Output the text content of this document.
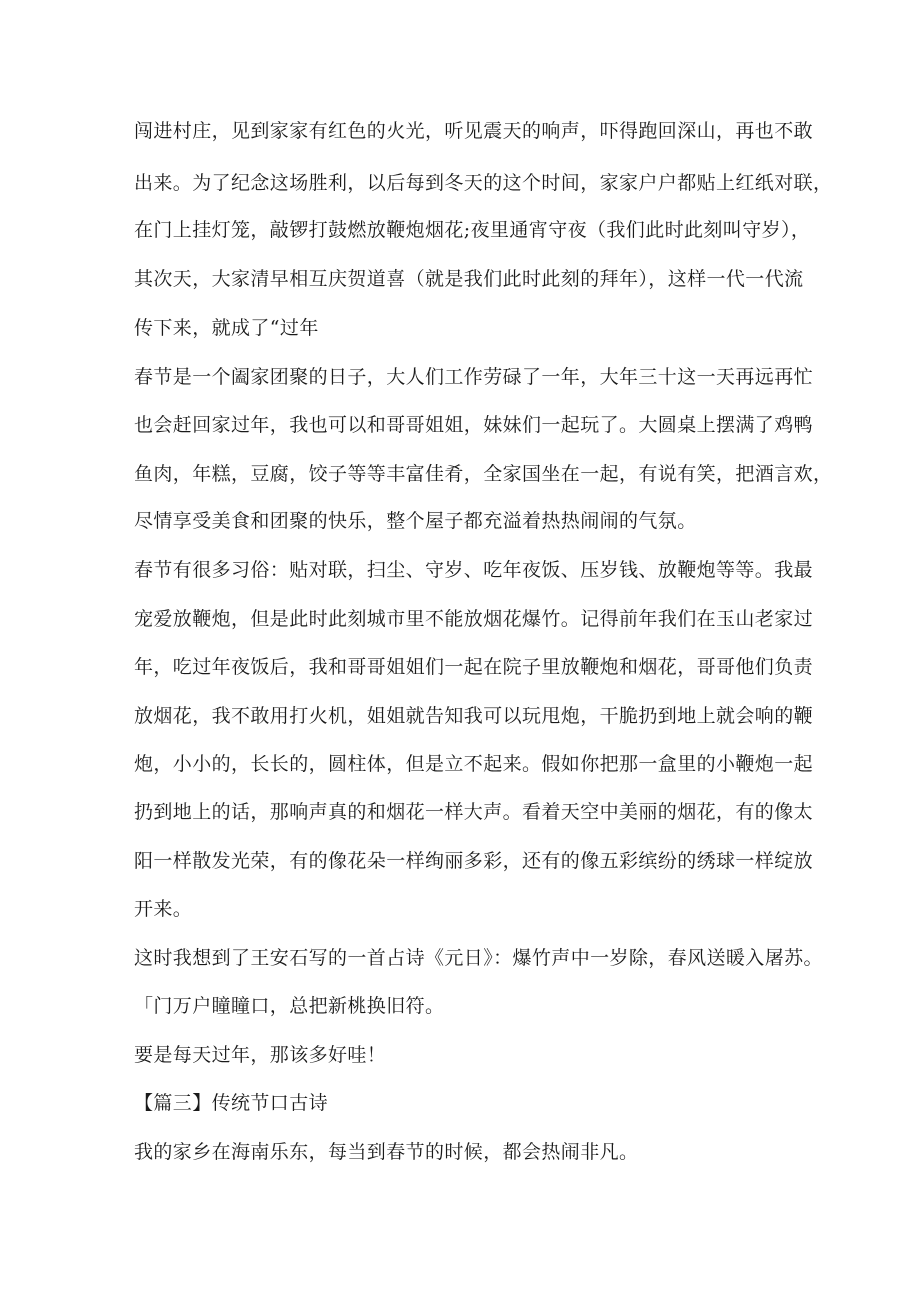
闯进村庄，见到家家有红色的火光，听见震天的响声，吓得跑回深山，再也不敢
出来。为了纪念这场胜利，以后每到冬天的这个时间，家家户户都贴上红纸对联，
在门上挂灯笼，敲锣打鼓燃放鞭炮烟花;夜里通宵守夜（我们此时此刻叫守岁），
其次天，大家清早相互庆贺道喜（就是我们此时此刻的拜年），这样一代一代流
传下来，就成了“过年
春节是一个阖家团聚的日子，大人们工作劳碌了一年，大年三十这一天再远再忙
也会赶回家过年，我也可以和哥哥姐姐，妹妹们一起玩了。大圆桌上摆满了鸡鸭
鱼肉，年糕，豆腐，饺子等等丰富佳肴，全家国坐在一起，有说有笑，把酒言欢，
尽情享受美食和团聚的快乐，整个屋子都充溢着热热闹闹的气氛。
春节有很多习俗：贴对联，扫尘、守岁、吃年夜饭、压岁钱、放鞭炮等等。我最
宠爱放鞭炮，但是此时此刻城市里不能放烟花爆竹。记得前年我们在玉山老家过
年，吃过年夜饭后，我和哥哥姐姐们一起在院子里放鞭炮和烟花，哥哥他们负责
放烟花，我不敢用打火机，姐姐就告知我可以玩甩炮，干脆扔到地上就会响的鞭
炮，小小的，长长的，圆柱体，但是立不起来。假如你把那一盒里的小鞭炮一起
扔到地上的话，那响声真的和烟花一样大声。看着天空中美丽的烟花，有的像太
阳一样散发光荣，有的像花朵一样绚丽多彩，还有的像五彩缤纷的绣球一样绽放
开来。
这时我想到了王安石写的一首占诗《元日》：爆竹声中一岁除，春风送暖入屠苏。
「门万户瞳瞳口，总把新桃换旧符。
要是每天过年，那该多好哇！
【篇三】传统节口古诗
我的家乡在海南乐东，每当到春节的时候，都会热闹非凡。
